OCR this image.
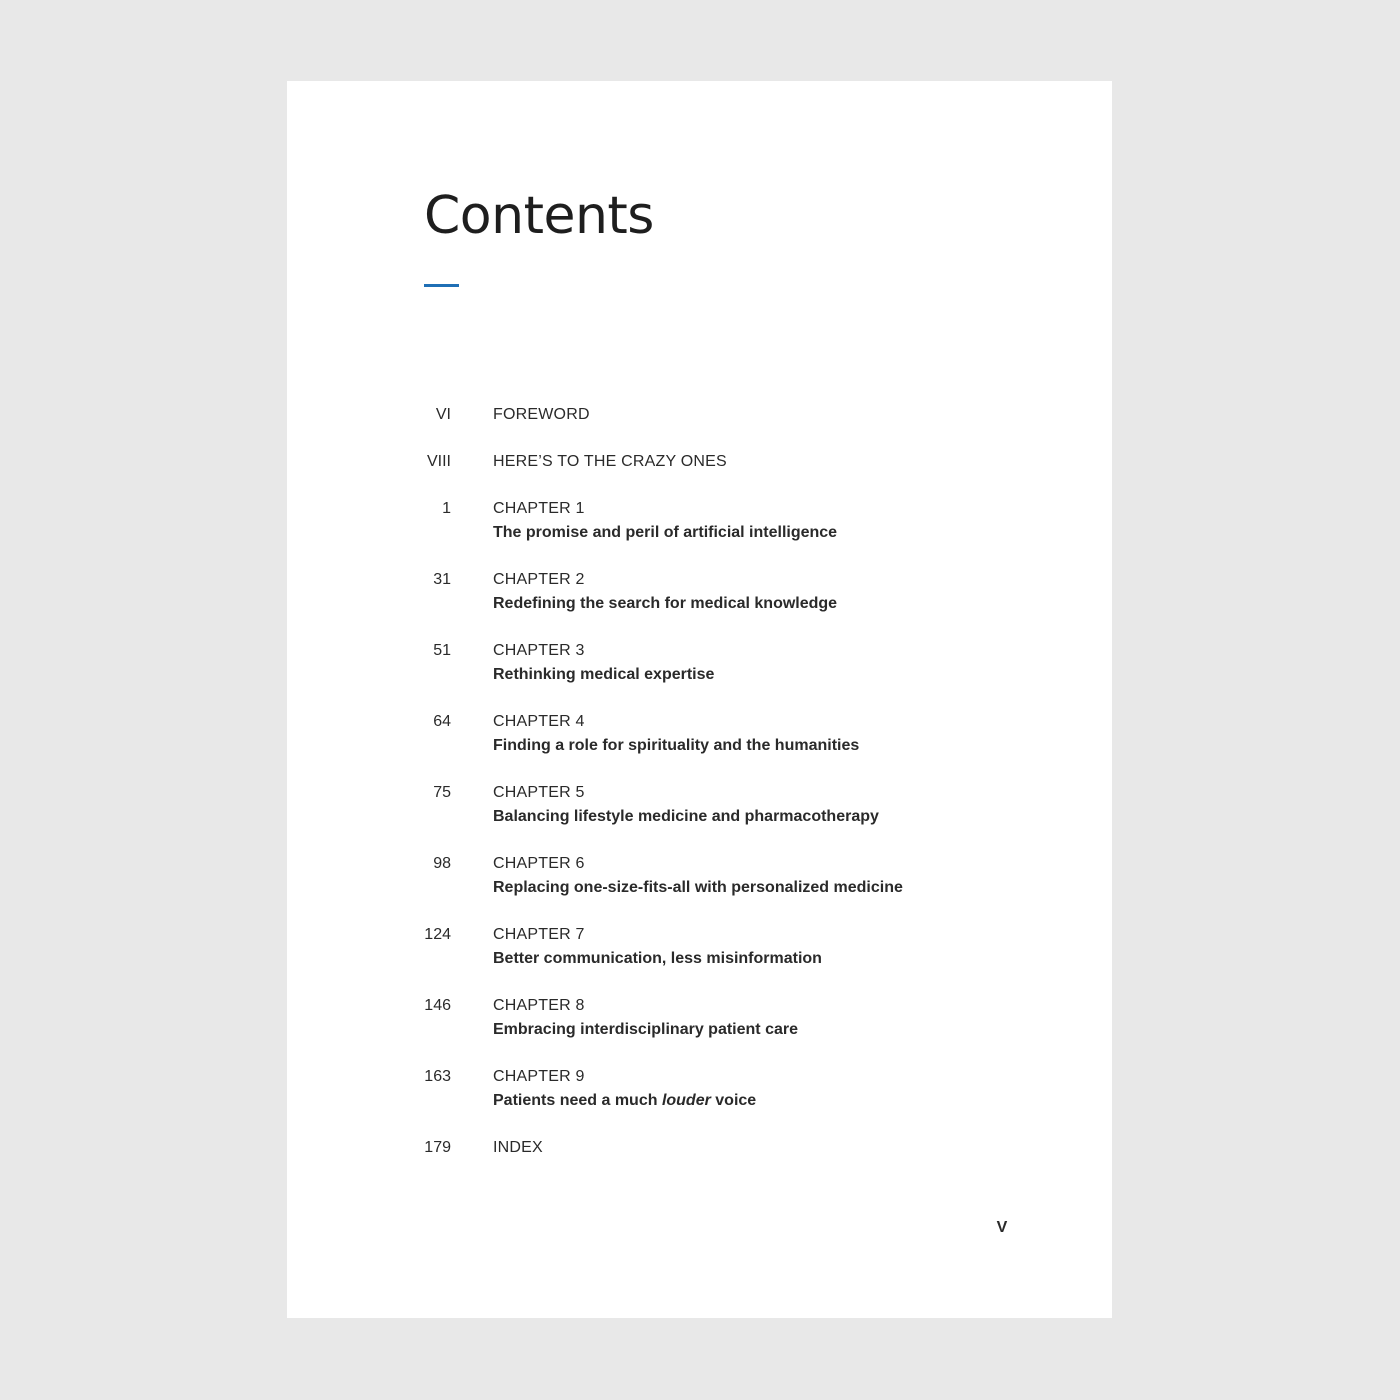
Contents
VI	FOREWORD
VIII	HERE’S TO THE CRAZY ONES
1	CHAPTER 1
The promise and peril of artificial intelligence
31	CHAPTER 2
Redefining the search for medical knowledge
51	CHAPTER 3
Rethinking medical expertise
64	CHAPTER 4
Finding a role for spirituality and the humanities
75	CHAPTER 5
Balancing lifestyle medicine and pharmacotherapy
98	CHAPTER 6
Replacing one-size-fits-all with personalized medicine
124	CHAPTER 7
Better communication, less misinformation
146	CHAPTER 8
Embracing interdisciplinary patient care
163	CHAPTER 9
Patients need a much louder voice
179	INDEX
V
